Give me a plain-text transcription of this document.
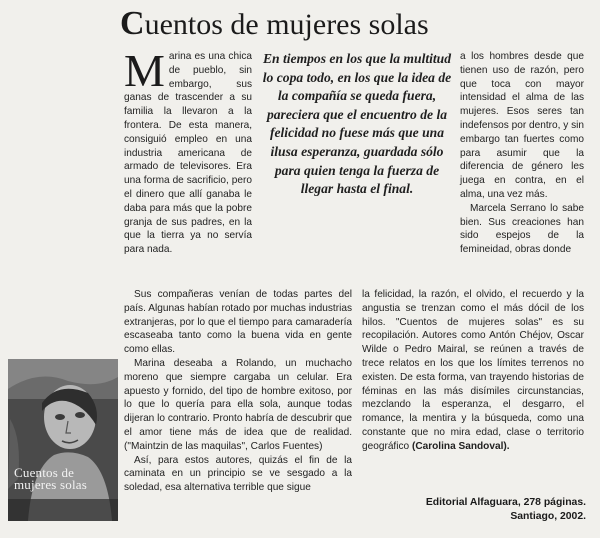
Cuentos de mujeres solas

Marina es una chica de pueblo, sin embargo, sus ganas de trascender a su familia la llevaron a la frontera. De esta manera, consiguió empleo en una industria americana de armado de televisores. Era una forma de sacrificio, pero el dinero que allí ganaba le daba para más que la pobre granja de sus padres, en la que la tierra ya no servía para nada.

En tiempos en los que la multitud lo copa todo, en los que la idea de la compañía se queda fuera, pareciera que el encuentro de la felicidad no fuese más que una ilusa esperanza, guardada sólo para quien tenga la fuerza de llegar hasta el final.

a los hombres desde que tienen uso de razón, pero que toca con mayor intensidad el alma de las mujeres. Esos seres tan indefensos por dentro, y sin embargo tan fuertes como para asumir que la diferencia de género les juega en contra, en el alma, una vez más.

Marcela Serrano lo sabe bien. Sus creaciones han sido espejos de la femineidad, obras donde

Sus compañeras venían de todas partes del país. Algunas habían rotado por muchas industrias extranjeras, por lo que el tiempo para camaradería escaseaba tanto como la buena vida en gente como ellas.

Marina deseaba a Rolando, un muchacho moreno que siempre cargaba un celular. Era apuesto y fornido, del tipo de hombre exitoso, por lo que lo quería para ella sola, aunque todas dijeran lo contrario. Pronto habría de descubrir que el amor tiene más de idea que de realidad. ("Maintzin de las maquilas", Carlos Fuentes)

Así, para estos autores, quizás el fin de la caminata en un principio se ve sesgado a la soledad, esa alternativa terrible que sigue

la felicidad, la razón, el olvido, el recuerdo y la angustia se trenzan como el más dócil de los hilos. "Cuentos de mujeres solas" es su recopilación. Autores como Antón Chéjov, Oscar Wilde o Pedro Mairal, se reúnen a través de trece relatos en los que los límites terrenos no existen. De esta forma, van trayendo historias de féminas en las más disímiles circunstancias, mezclando la esperanza, el desgarro, el romance, la mentira y la búsqueda, como una constante que no mira edad, clase o territorio geográfico (Carolina Sandoval).

Editorial Alfaguara, 278 páginas.
Santiago, 2002.
Cuentos de
mujeres solas
